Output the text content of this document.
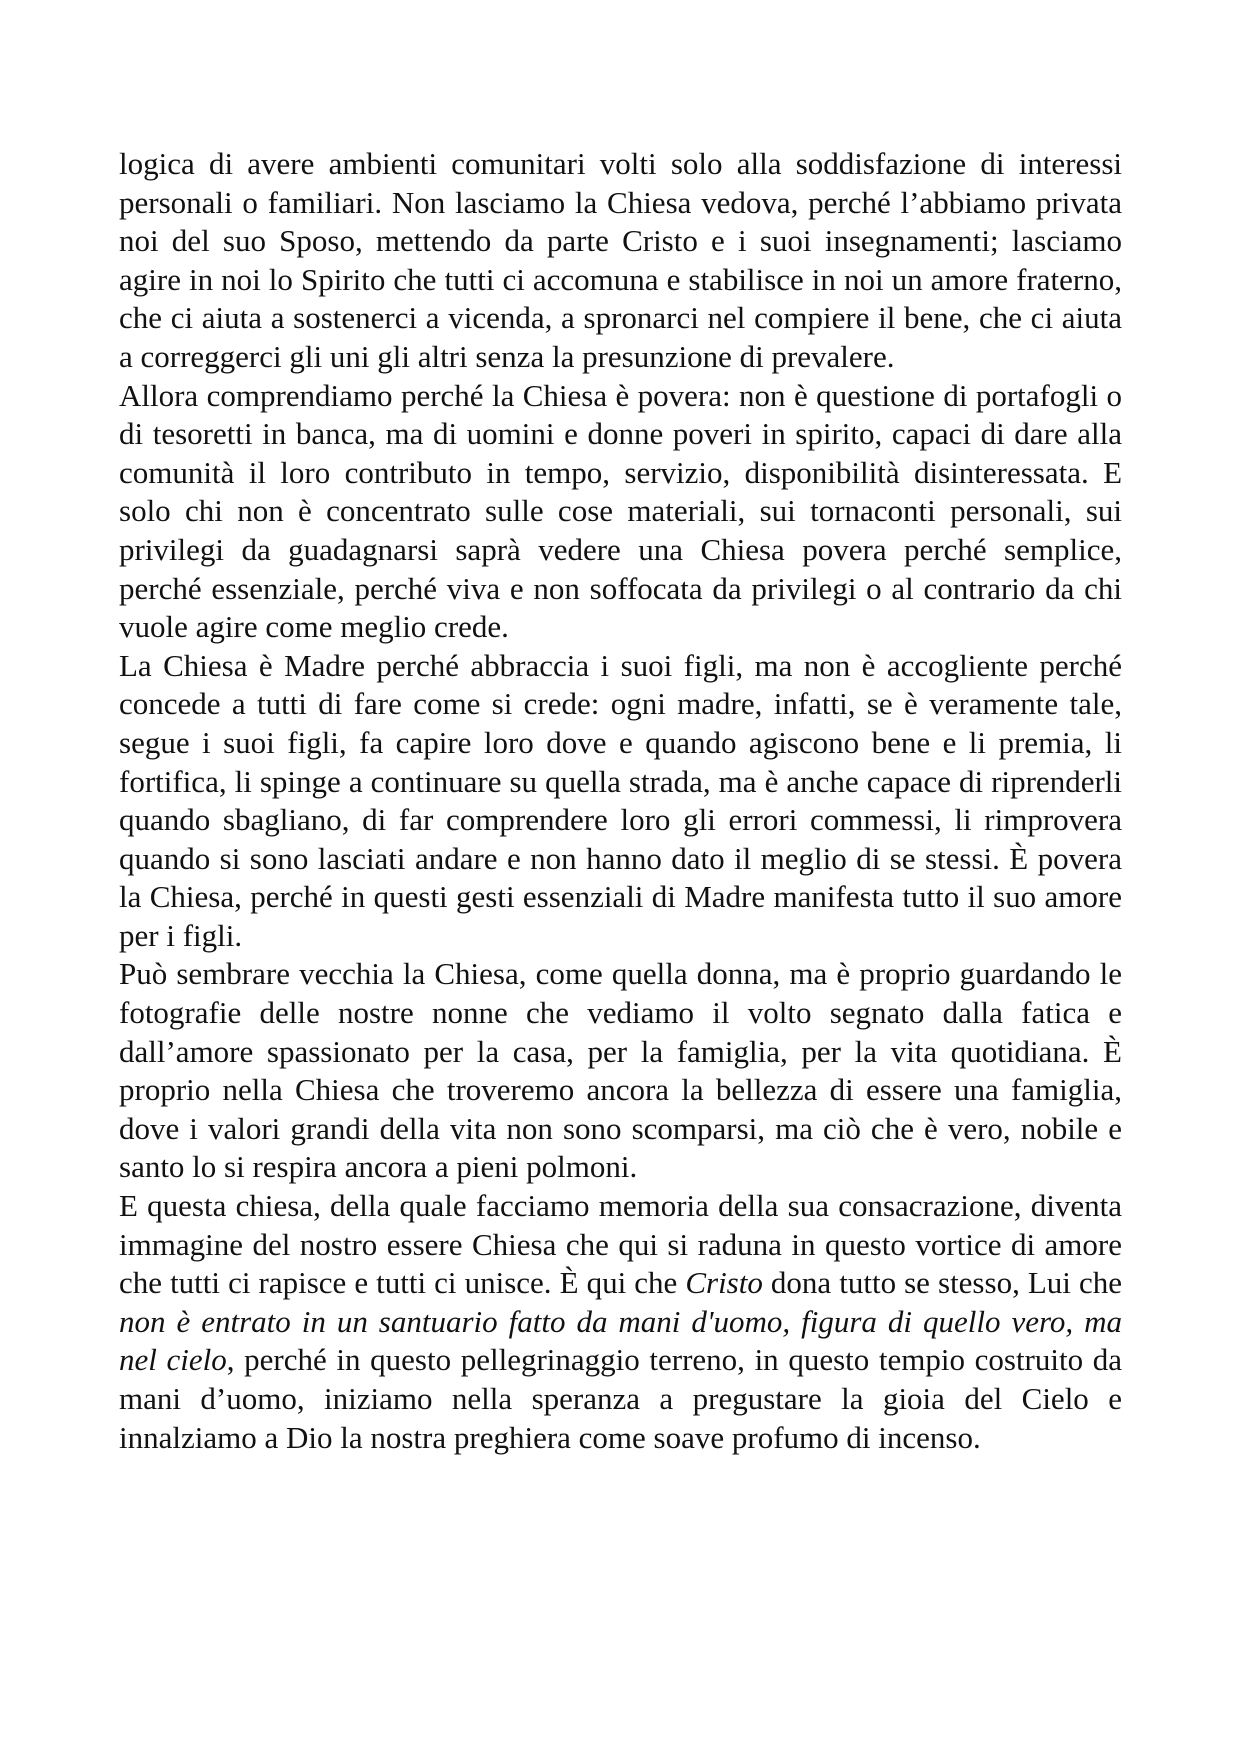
logica di avere ambienti comunitari volti solo alla soddisfazione di interessi personali o familiari. Non lasciamo la Chiesa vedova, perché l’abbiamo privata noi del suo Sposo, mettendo da parte Cristo e i suoi insegnamenti; lasciamo agire in noi lo Spirito che tutti ci accomuna e stabilisce in noi un amore fraterno, che ci aiuta a sostenerci a vicenda, a spronarci nel compiere il bene, che ci aiuta a correggerci gli uni gli altri senza la presunzione di prevalere.

Allora comprendiamo perché la Chiesa è povera: non è questione di portafogli o di tesoretti in banca, ma di uomini e donne poveri in spirito, capaci di dare alla comunità il loro contributo in tempo, servizio, disponibilità disinteressata. E solo chi non è concentrato sulle cose materiali, sui tornaconti personali, sui privilegi da guadagnarsi saprà vedere una Chiesa povera perché semplice, perché essenziale, perché viva e non soffocata da privilegi o al contrario da chi vuole agire come meglio crede.

La Chiesa è Madre perché abbraccia i suoi figli, ma non è accogliente perché concede a tutti di fare come si crede: ogni madre, infatti, se è veramente tale, segue i suoi figli, fa capire loro dove e quando agiscono bene e li premia, li fortifica, li spinge a continuare su quella strada, ma è anche capace di riprenderli quando sbagliano, di far comprendere loro gli errori commessi, li rimprovera quando si sono lasciati andare e non hanno dato il meglio di se stessi. È povera la Chiesa, perché in questi gesti essenziali di Madre manifesta tutto il suo amore per i figli.

Può sembrare vecchia la Chiesa, come quella donna, ma è proprio guardando le fotografie delle nostre nonne che vediamo il volto segnato dalla fatica e dall’amore spassionato per la casa, per la famiglia, per la vita quotidiana. È proprio nella Chiesa che troveremo ancora la bellezza di essere una famiglia, dove i valori grandi della vita non sono scomparsi, ma ciò che è vero, nobile e santo lo si respira ancora a pieni polmoni.

E questa chiesa, della quale facciamo memoria della sua consacrazione, diventa immagine del nostro essere Chiesa che qui si raduna in questo vortice di amore che tutti ci rapisce e tutti ci unisce. È qui che Cristo dona tutto se stesso, Lui che non è entrato in un santuario fatto da mani d'uomo, figura di quello vero, ma nel cielo, perché in questo pellegrinaggio terreno, in questo tempio costruito da mani d’uomo, iniziamo nella speranza a pregustare la gioia del Cielo e innalziamo a Dio la nostra preghiera come soave profumo di incenso.
